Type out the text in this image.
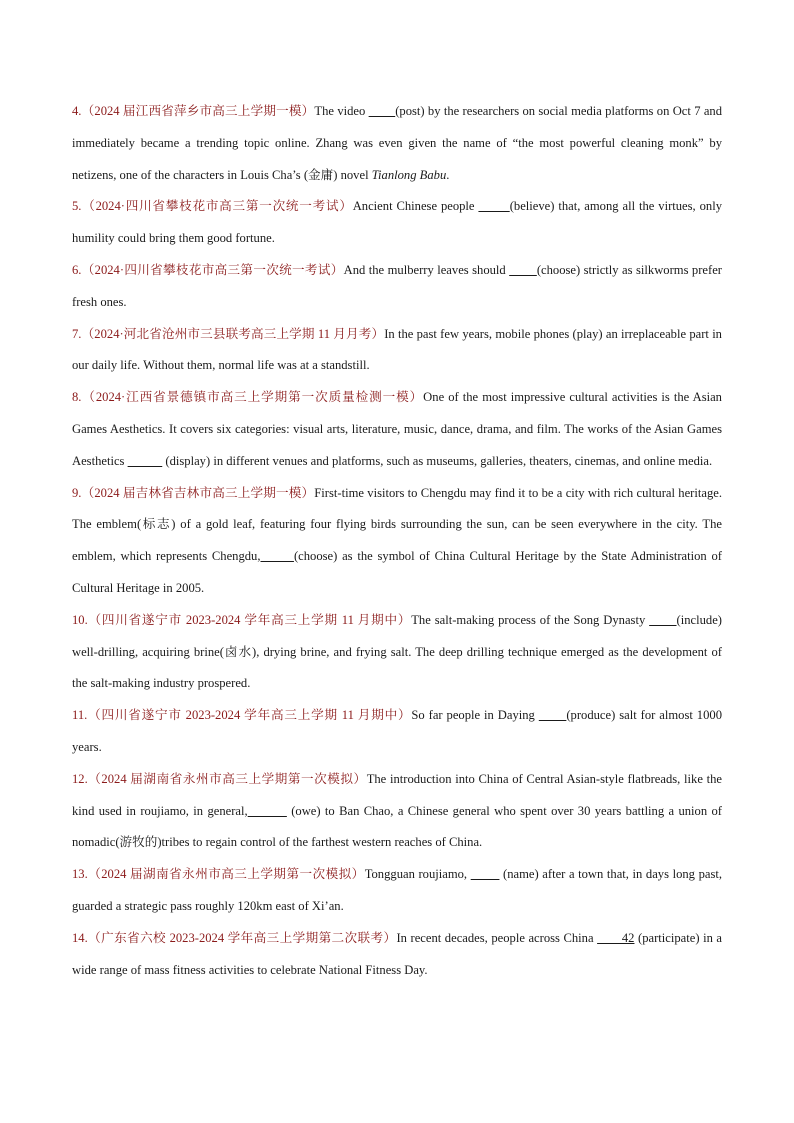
4.（2024 届江西省萍乡市高三上学期一模）The video         (post) by the researchers on social media platforms on Oct 7 and immediately became a trending topic online. Zhang was even given the name of “the most powerful cleaning monk” by netizens, one of the characters in Louis Cha’s (金庸) novel Tianlong Babu.

5.（2024·四川省攀枝花市高三第一次统一考试）Ancient Chinese people         (believe) that, among all the virtues, only humility could bring them good fortune.

6.（2024·四川省攀枝花市高三第一次统一考试）And the mulberry leaves should         (choose) strictly as silkworms prefer fresh ones.

7.（2024·河北省沧州市三县联考高三上学期 11 月月考）In the past few years, mobile phones (play) an irreplaceable part in our daily life. Without them, normal life was at a standstill.

8.（2024·江西省景德镇市高三上学期第一次质量检测一模）One of the most impressive cultural activities is the Asian Games Aesthetics. It covers six categories: visual arts, literature, music, dance, drama, and film. The works of the Asian Games Aesthetics	(display) in different venues and platforms, such as museums, galleries, theaters, cinemas, and online media.

9.（2024 届吉林省吉林市高三上学期一模）First-time visitors to Chengdu may find it to be a city with rich cultural heritage. The emblem(标志) of a gold leaf, featuring four flying birds surrounding the sun, can be seen everywhere in the city. The emblem, which represents Chengdu,	(choose) as the symbol of China Cultural Heritage by the State Administration of Cultural Heritage in 2005.

10.（四川省遂宁市 2023-2024 学年高三上学期 11 月期中）The salt-making process of the Song Dynasty        (include) well-drilling, acquiring brine(卤水), drying brine, and frying salt. The deep drilling technique emerged as the development of the salt-making industry prospered.

11.（四川省遂宁市 2023-2024 学年高三上学期 11 月期中）So far people in Daying        (produce) salt for almost 1000 years.

12.（2024 届湖南省永州市高三上学期第一次模拟）The introduction into China of Central Asian-style flatbreads, like the kind used in roujiamo, in general,	(owe) to Ban Chao, a Chinese general who spent over 30 years battling a union of nomadic(游牧的)tribes to regain control of the farthest western reaches of China.

13.（2024 届湖南省永州市高三上学期第一次模拟）Tongguan roujiamo,          (name) after a town that, in days long past, guarded a strategic pass roughly 120km east of Xi’an.

14.（广东省六校 2023-2024 学年高三上学期第二次联考）In recent decades, people across China        42 (participate) in a wide range of mass fitness activities to celebrate National Fitness Day.
